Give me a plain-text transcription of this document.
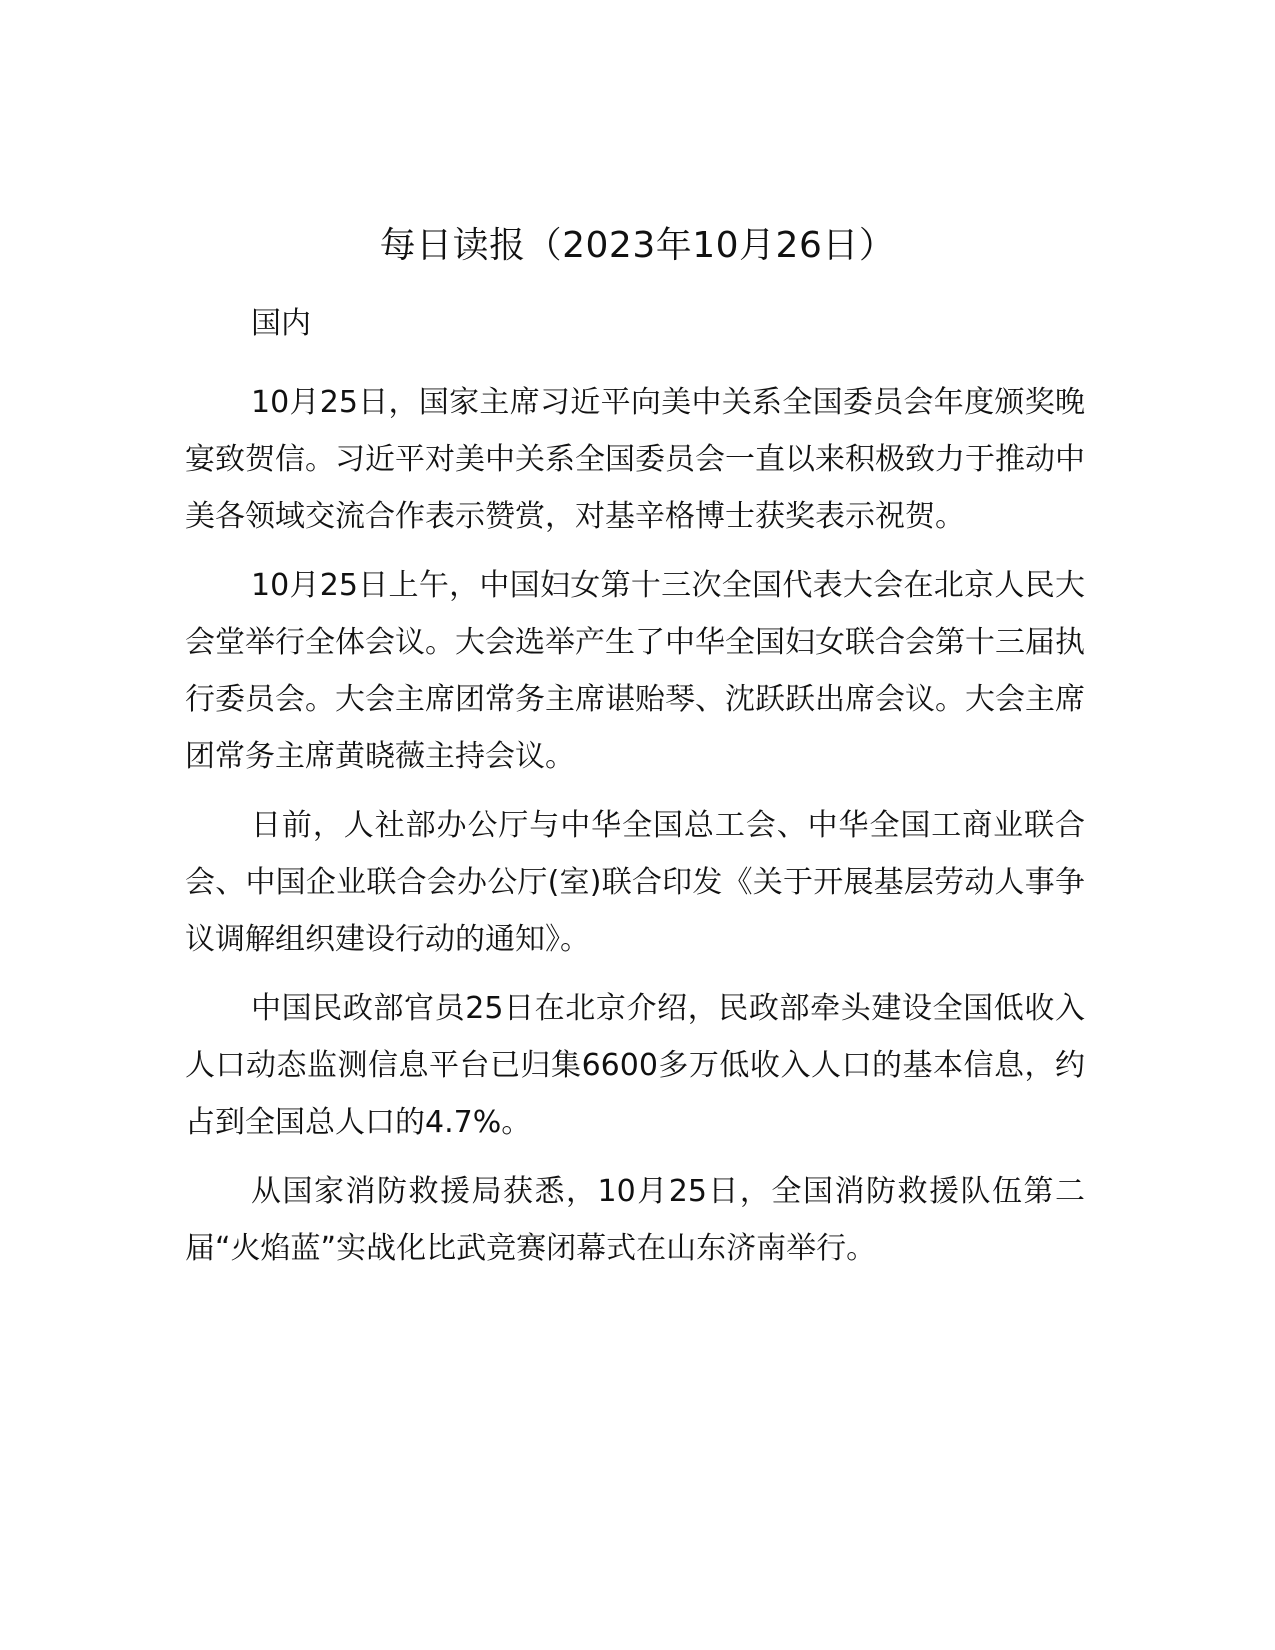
每日读报（2023年10月26日）

国内

10月25日，国家主席习近平向美中关系全国委员会年度颁奖晚宴致贺信。习近平对美中关系全国委员会一直以来积极致力于推动中美各领域交流合作表示赞赏，对基辛格博士获奖表示祝贺。

10月25日上午，中国妇女第十三次全国代表大会在北京人民大会堂举行全体会议。大会选举产生了中华全国妇女联合会第十三届执行委员会。大会主席团常务主席谌贻琴、沈跃跃出席会议。大会主席团常务主席黄晓薇主持会议。

日前，人社部办公厅与中华全国总工会、中华全国工商业联合会、中国企业联合会办公厅(室)联合印发《关于开展基层劳动人事争议调解组织建设行动的通知》。

中国民政部官员25日在北京介绍，民政部牵头建设全国低收入人口动态监测信息平台已归集6600多万低收入人口的基本信息，约占到全国总人口的4.7%。

从国家消防救援局获悉，10月25日，全国消防救援队伍第二届“火焰蓝”实战化比武竞赛闭幕式在山东济南举行。
